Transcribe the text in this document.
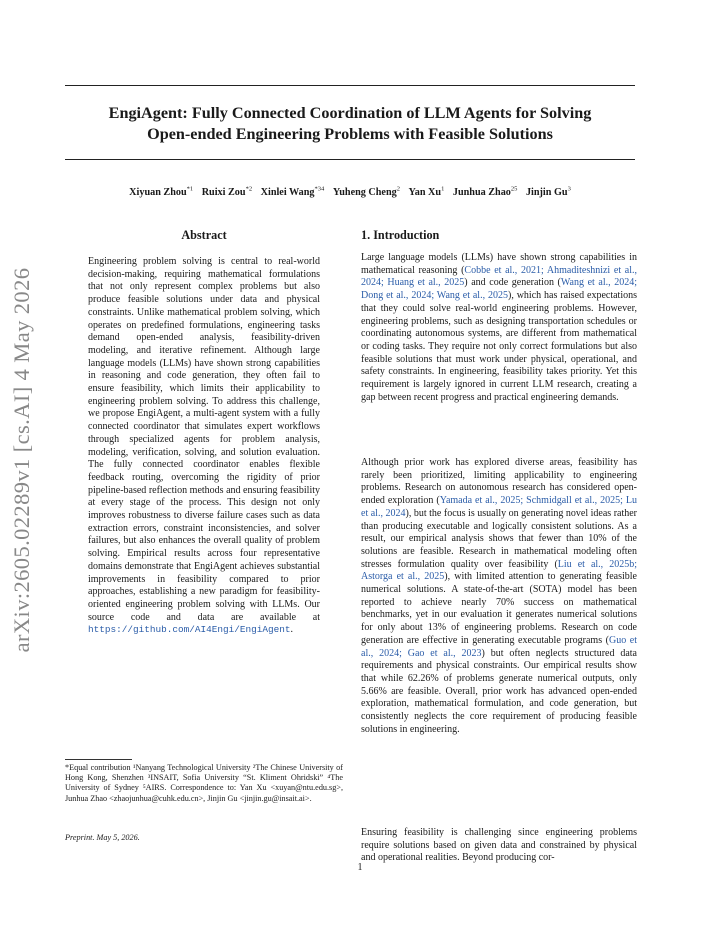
arXiv:2605.02289v1 [cs.AI] 4 May 2026
EngiAgent: Fully Connected Coordination of LLM Agents for Solving
Open-ended Engineering Problems with Feasible Solutions
Xiyuan Zhou$^{*1}$ Ruixi Zou$^{*2}$ Xinlei Wang$^{*34}$ Yuheng Cheng$^2$ Yan Xu$^1$ Junhua Zhao$^{25}$ Jinjin Gu$^3$
Abstract
Engineering problem solving is central to real-world decision-making, requiring mathematical formulations that not only represent complex problems but also produce feasible solutions under data and physical constraints. Unlike mathematical problem solving, which operates on predefined formulations, engineering tasks demand open-ended analysis, feasibility-driven modeling, and iterative refinement. Although large language models (LLMs) have shown strong capabilities in reasoning and code generation, they often fail to ensure feasibility, which limits their applicability to engineering problem solving. To address this challenge, we propose EngiAgent, a multi-agent system with a fully connected coordinator that simulates expert workflows through specialized agents for problem analysis, modeling, verification, solving, and solution evaluation. The fully connected coordinator enables flexible feedback routing, overcoming the rigidity of prior pipeline-based reflection methods and ensuring feasibility at every stage of the process. This design not only improves robustness to diverse failure cases such as data extraction errors, constraint inconsistencies, and solver failures, but also enhances the overall quality of problem solving. Empirical results across four representative domains demonstrate that EngiAgent achieves substantial improvements in feasibility compared to prior approaches, establishing a new paradigm for feasibility-oriented engineering problem solving with LLMs. Our source code and data are available at https://github.com/AI4Engi/EngiAgent.
1. Introduction
Large language models (LLMs) have shown strong capabilities in mathematical reasoning (Cobbe et al., 2021; Ahmaditeshnizi et al., 2024; Huang et al., 2025) and code generation (Wang et al., 2024; Dong et al., 2024; Wang et al., 2025), which has raised expectations that they could solve real-world engineering problems. However, engineering problems, such as designing transportation schedules or coordinating autonomous systems, are different from mathematical or coding tasks. They require not only correct formulations but also feasible solutions that must work under physical, operational, and safety constraints. In engineering, feasibility takes priority. Yet this requirement is largely ignored in current LLM research, creating a gap between recent progress and practical engineering demands.
Although prior work has explored diverse areas, feasibility has rarely been prioritized, limiting applicability to engineering problems. Research on autonomous research has considered open-ended exploration (Yamada et al., 2025; Schmidgall et al., 2025; Lu et al., 2024), but the focus is usually on generating novel ideas rather than producing executable and logically consistent solutions. As a result, our empirical analysis shows that fewer than 10% of the solutions are feasible. Research in mathematical modeling often stresses formulation quality over feasibility (Liu et al., 2025b; Astorga et al., 2025), with limited attention to generating feasible numerical solutions. A state-of-the-art (SOTA) model has been reported to achieve nearly 70% success on mathematical benchmarks, yet in our evaluation it generates numerical solutions for only about 13% of engineering problems. Research on code generation are effective in generating executable programs (Guo et al., 2024; Gao et al., 2023) but often neglects structured data requirements and physical constraints. Our empirical results show that while 62.26% of problems generate numerical outputs, only 5.66% are feasible. Overall, prior work has advanced open-ended exploration, mathematical formulation, and code generation, but consistently neglects the core requirement of producing feasible solutions in engineering.
Ensuring feasibility is challenging since engineering problems require solutions based on given data and constrained by physical and operational realities. Beyond producing cor-
*Equal contribution ¹Nanyang Technological University ²The Chinese University of Hong Kong, Shenzhen ³INSAIT, Sofia University “St. Kliment Ohridski” ⁴The University of Sydney ⁵AIRS. Correspondence to: Yan Xu <xuyan@ntu.edu.sg>, Junhua Zhao <zhaojunhua@cuhk.edu.cn>, Jinjin Gu <jinjin.gu@insait.ai>.
Preprint. May 5, 2026.
1
